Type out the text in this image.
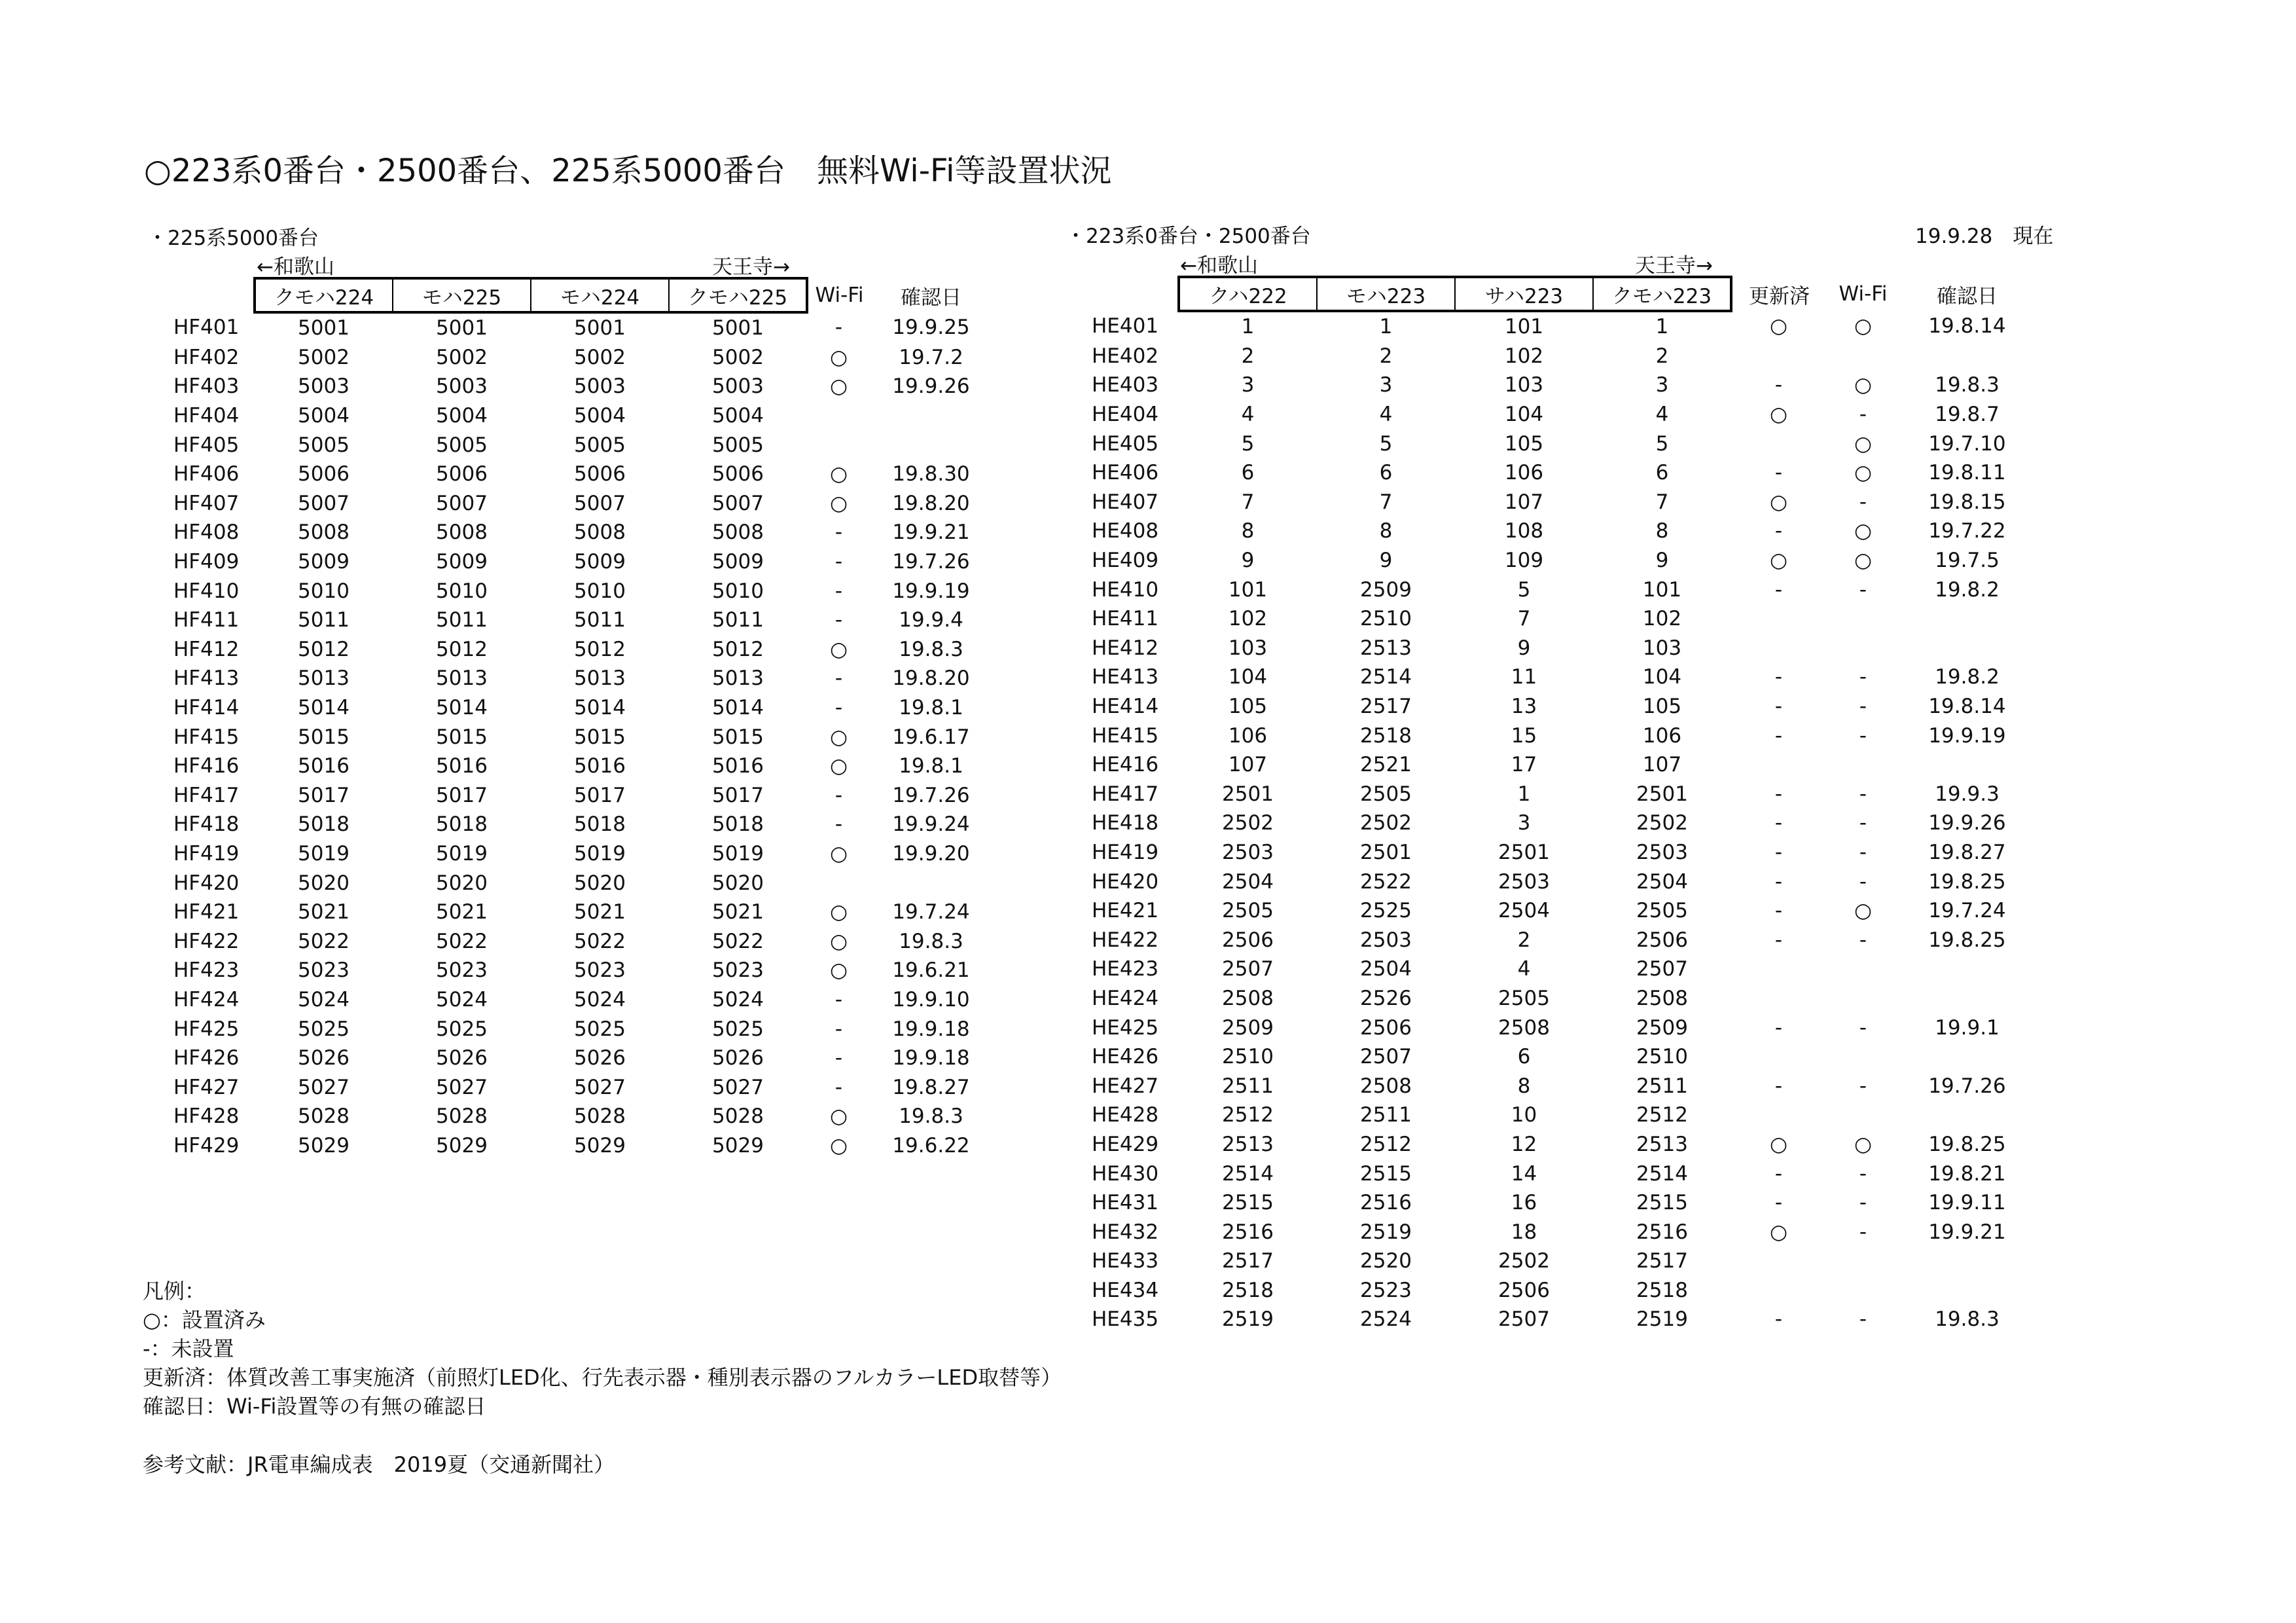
○223系0番台・2500番台、225系5000番台　無料Wi-Fi等設置状況
・225系5000番台
←和歌山	天王寺→
	クモハ224	モハ225	モハ224	クモハ225	Wi-Fi	確認日
HF401	5001	5001	5001	5001	-	19.9.25
HF402	5002	5002	5002	5002	○	19.7.2
HF403	5003	5003	5003	5003	○	19.9.26
HF404	5004	5004	5004	5004		
HF405	5005	5005	5005	5005		
HF406	5006	5006	5006	5006	○	19.8.30
HF407	5007	5007	5007	5007	○	19.8.20
HF408	5008	5008	5008	5008	-	19.9.21
HF409	5009	5009	5009	5009	-	19.7.26
HF410	5010	5010	5010	5010	-	19.9.19
HF411	5011	5011	5011	5011	-	19.9.4
HF412	5012	5012	5012	5012	○	19.8.3
HF413	5013	5013	5013	5013	-	19.8.20
HF414	5014	5014	5014	5014	-	19.8.1
HF415	5015	5015	5015	5015	○	19.6.17
HF416	5016	5016	5016	5016	○	19.8.1
HF417	5017	5017	5017	5017	-	19.7.26
HF418	5018	5018	5018	5018	-	19.9.24
HF419	5019	5019	5019	5019	○	19.9.20
HF420	5020	5020	5020	5020		
HF421	5021	5021	5021	5021	○	19.7.24
HF422	5022	5022	5022	5022	○	19.8.3
HF423	5023	5023	5023	5023	○	19.6.21
HF424	5024	5024	5024	5024	-	19.9.10
HF425	5025	5025	5025	5025	-	19.9.18
HF426	5026	5026	5026	5026	-	19.9.18
HF427	5027	5027	5027	5027	-	19.8.27
HF428	5028	5028	5028	5028	○	19.8.3
HF429	5029	5029	5029	5029	○	19.6.22
・223系0番台・2500番台	19.9.28　現在
←和歌山	天王寺→
	クハ222	モハ223	サハ223	クモハ223	更新済	Wi-Fi	確認日
HE401	1	1	101	1	○	○	19.8.14
HE402	2	2	102	2			
HE403	3	3	103	3	-	○	19.8.3
HE404	4	4	104	4	○	-	19.8.7
HE405	5	5	105	5		○	19.7.10
HE406	6	6	106	6	-	○	19.8.11
HE407	7	7	107	7	○	-	19.8.15
HE408	8	8	108	8	-	○	19.7.22
HE409	9	9	109	9	○	○	19.7.5
HE410	101	2509	5	101	-	-	19.8.2
HE411	102	2510	7	102			
HE412	103	2513	9	103			
HE413	104	2514	11	104	-	-	19.8.2
HE414	105	2517	13	105	-	-	19.8.14
HE415	106	2518	15	106	-	-	19.9.19
HE416	107	2521	17	107			
HE417	2501	2505	1	2501	-	-	19.9.3
HE418	2502	2502	3	2502	-	-	19.9.26
HE419	2503	2501	2501	2503	-	-	19.8.27
HE420	2504	2522	2503	2504	-	-	19.8.25
HE421	2505	2525	2504	2505	-	○	19.7.24
HE422	2506	2503	2	2506	-	-	19.8.25
HE423	2507	2504	4	2507			
HE424	2508	2526	2505	2508			
HE425	2509	2506	2508	2509	-	-	19.9.1
HE426	2510	2507	6	2510			
HE427	2511	2508	8	2511	-	-	19.7.26
HE428	2512	2511	10	2512			
HE429	2513	2512	12	2513	○	○	19.8.25
HE430	2514	2515	14	2514	-	-	19.8.21
HE431	2515	2516	16	2515	-	-	19.9.11
HE432	2516	2519	18	2516	○	-	19.9.21
HE433	2517	2520	2502	2517			
HE434	2518	2523	2506	2518			
HE435	2519	2524	2507	2519	-	-	19.8.3
凡例：
○：設置済み
-：未設置
更新済：体質改善工事実施済（前照灯LED化、行先表示器・種別表示器のフルカラーLED取替等）
確認日：Wi-Fi設置等の有無の確認日
参考文献：JR電車編成表　2019夏（交通新聞社）
